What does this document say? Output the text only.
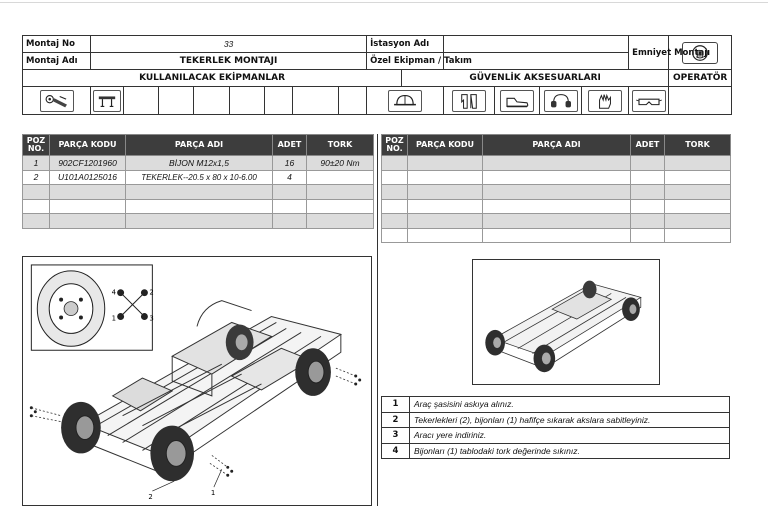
Montaj No	33								İstasyon Adı						Emniyet Montajı	

Montaj Adı	TEKERLEK MONTAJI								Özel Ekipman / Takım							
KULLANILACAK EKİPMANLAR										GÜVENLİK AKSESUARLARI						OPERATÖR

POZ NO.	PARÇA KODU	PARÇA ADI	ADET	TORK
1	902CF1201960	BİJON M12x1,5	16	90±20 Nm
2	U101A0125016	TEKERLEK--20.5 x 80 x 10-6.00	4	

POZ NO.	PARÇA KODU	PARÇA ADI	ADET	TORK

4	2
1	3
2	1
1	Araç şasisini askıya alınız.
2	Tekerlekleri (2), bijonları (1) hafifçe sıkarak akslara sabitleyiniz.
3	Aracı yere indiriniz.
4	Bijonları (1) tablodaki tork değerinde sıkınız.
